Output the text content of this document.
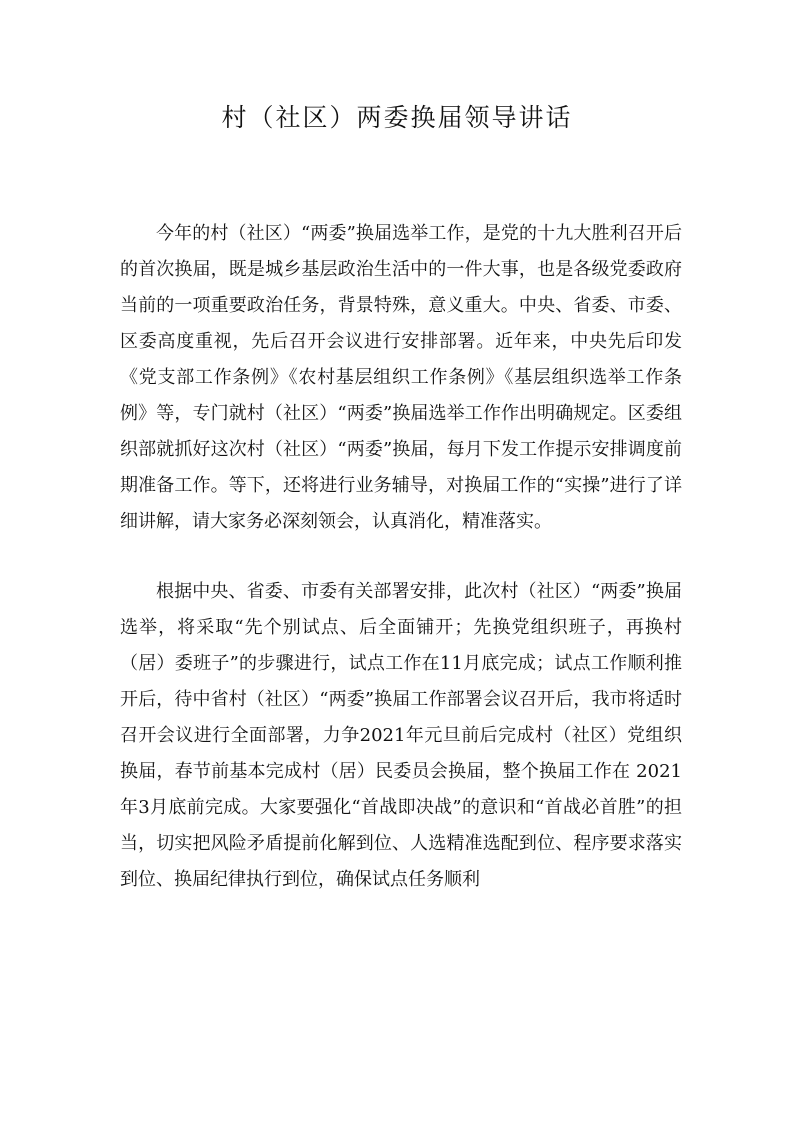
村（社区）两委换届领导讲话

今年的村（社区）“两委”换届选举工作，是党的十九大胜利召开后的首次换届，既是城乡基层政治生活中的一件大事，也是各级党委政府当前的一项重要政治任务，背景特殊，意义重大。中央、省委、市委、区委高度重视，先后召开会议进行安排部署。近年来，中央先后印发《党支部工作条例》《农村基层组织工作条例》《基层组织选举工作条例》等，专门就村（社区）“两委”换届选举工作作出明确规定。区委组织部就抓好这次村（社区）“两委”换届，每月下发工作提示安排调度前期准备工作。等下，还将进行业务辅导，对换届工作的“实操”进行了详细讲解，请大家务必深刻领会，认真消化，精准落实。

根据中央、省委、市委有关部署安排，此次村（社区）“两委”换届选举，将采取“先个别试点、后全面铺开；先换党组织班子，再换村（居）委班子”的步骤进行，试点工作在11月底完成；试点工作顺利推开后，待中省村（社区）“两委”换届工作部署会议召开后，我市将适时召开会议进行全面部署，力争2021年元旦前后完成村（社区）党组织换届，春节前基本完成村（居）民委员会换届，整个换届工作在 2021年3月底前完成。大家要强化“首战即决战”的意识和“首战必首胜”的担当，切实把风险矛盾提前化解到位、人选精准选配到位、程序要求落实到位、换届纪律执行到位，确保试点任务顺利
